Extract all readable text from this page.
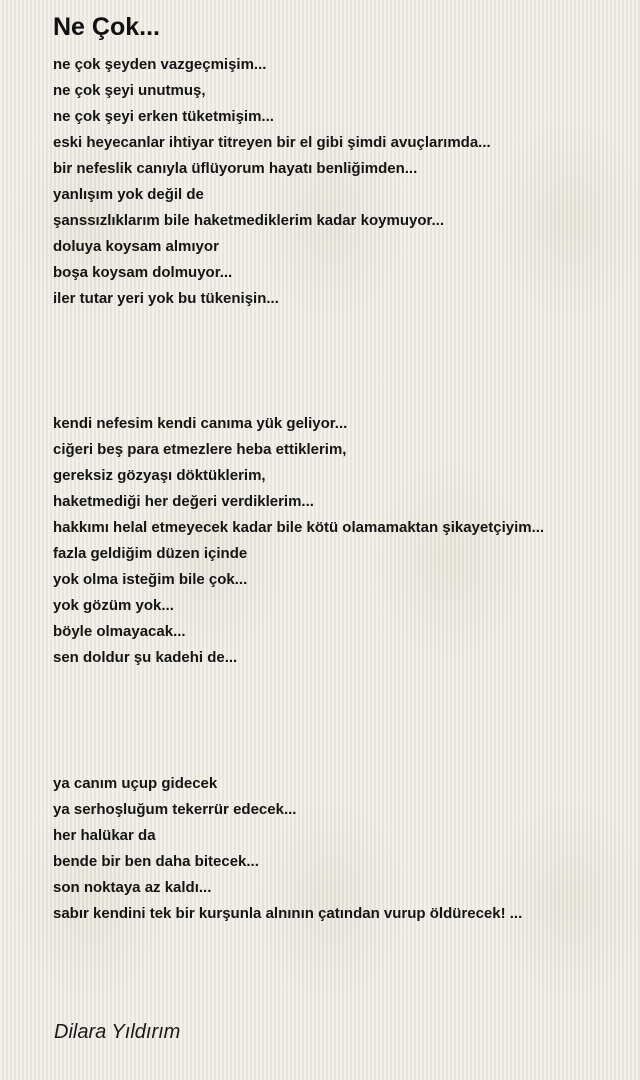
Ne Çok...
ne çok şeyden vazgeçmişim...
ne çok şeyi unutmuş,
ne çok şeyi erken tüketmişim...
eski heyecanlar ihtiyar titreyen bir el gibi şimdi avuçlarımda...
bir nefeslik canıyla üflüyorum hayatı benliğimden...
yanlışım yok değil de
şanssızlıklarım bile haketmediklerim kadar koymuyor...
doluya koysam almıyor
boşa koysam dolmuyor...
iler tutar yeri yok bu tükenişin...
kendi nefesim kendi canıma yük geliyor...
ciğeri beş para etmezlere heba ettiklerim,
gereksiz gözyaşı döktüklerim,
haketmediği her değeri verdiklerim...
hakkımı helal etmeyecek kadar bile kötü olamamaktan şikayetçiyim...
fazla geldiğim düzen içinde
yok olma isteğim bile çok...
yok gözüm yok...
böyle olmayacak...
sen doldur şu kadehi de...
ya canım uçup gidecek
ya serhoşluğum tekerrür edecek...
her halükar da
bende bir ben daha bitecek...
son noktaya az kaldı...
sabır kendini tek bir kurşunla alnının çatından vurup öldürecek! ...

Dilara Yıldırım
